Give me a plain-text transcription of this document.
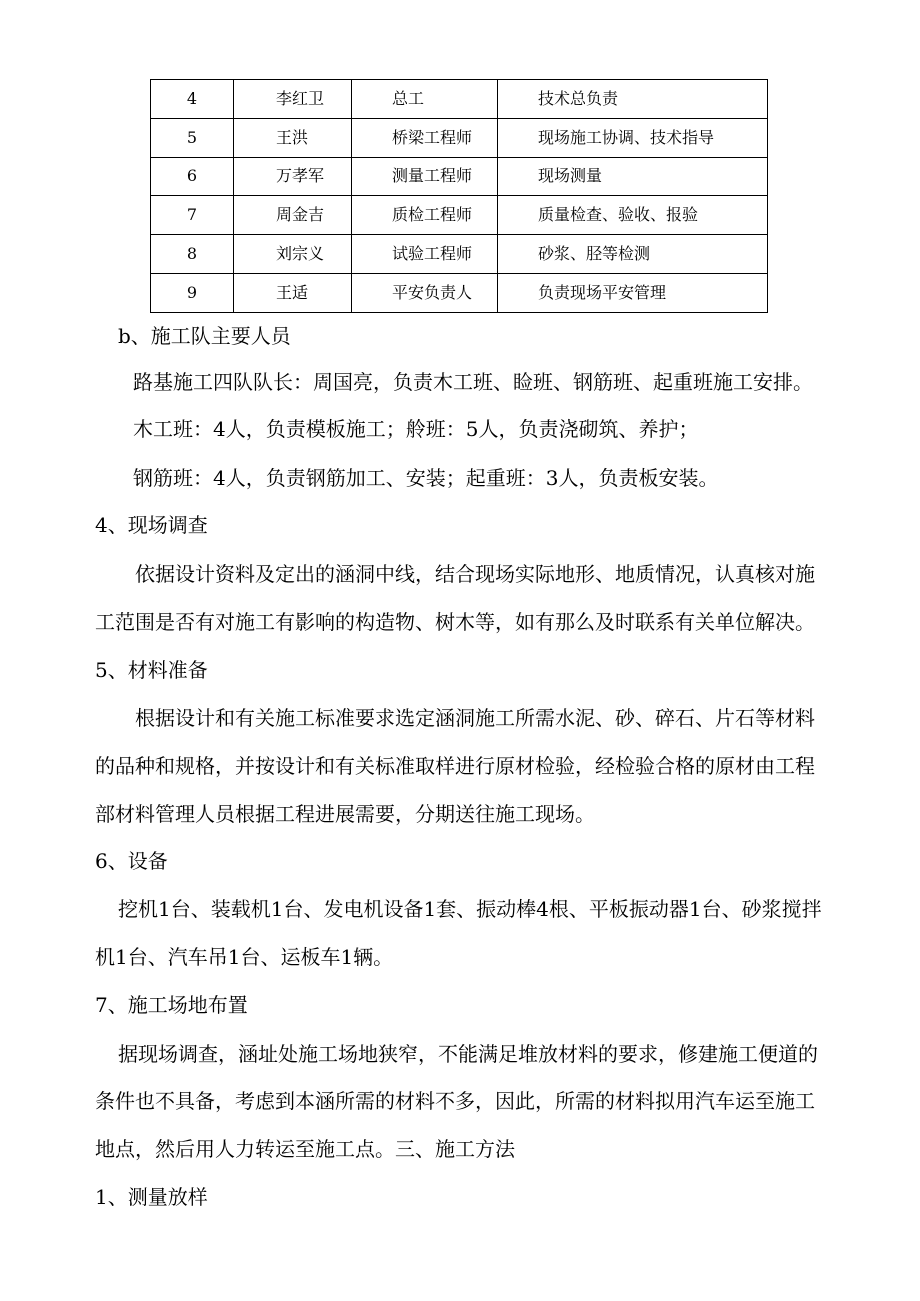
4	李红卫	总工	技术总负责
5	王洪	桥梁工程师	现场施工协调、技术指导
6	万孝军	测量工程师	现场测量
7	周金吉	质检工程师	质量检查、验收、报验
8	刘宗义	试验工程师	砂浆、胫等检测
9	王适	平安负责人	负责现场平安管理

b、施工队主要人员

路基施工四队队长：周国亮，负责木工班、睑班、钢筋班、起重班施工安排。

木工班：4人，负责模板施工；舲班：5人，负责浇砌筑、养护；

钢筋班：4人，负责钢筋加工、安装；起重班：3人，负责板安装。

4、现场调查

依据设计资料及定出的涵洞中线，结合现场实际地形、地质情况，认真核对施

工范围是否有对施工有影响的构造物、树木等，如有那么及时联系有关单位解决。

5、材料准备

根据设计和有关施工标准要求选定涵洞施工所需水泥、砂、碎石、片石等材料

的品种和规格，并按设计和有关标准取样进行原材检验，经检验合格的原材由工程

部材料管理人员根据工程进展需要，分期送往施工现场。

6、设备

挖机1台、装载机1台、发电机设备1套、振动棒4根、平板振动器1台、砂浆搅拌

机1台、汽车吊1台、运板车1辆。

7、施工场地布置

据现场调查，涵址处施工场地狭窄，不能满足堆放材料的要求，修建施工便道的

条件也不具备，考虑到本涵所需的材料不多，因此，所需的材料拟用汽车运至施工

地点，然后用人力转运至施工点。三、施工方法

1、测量放样
